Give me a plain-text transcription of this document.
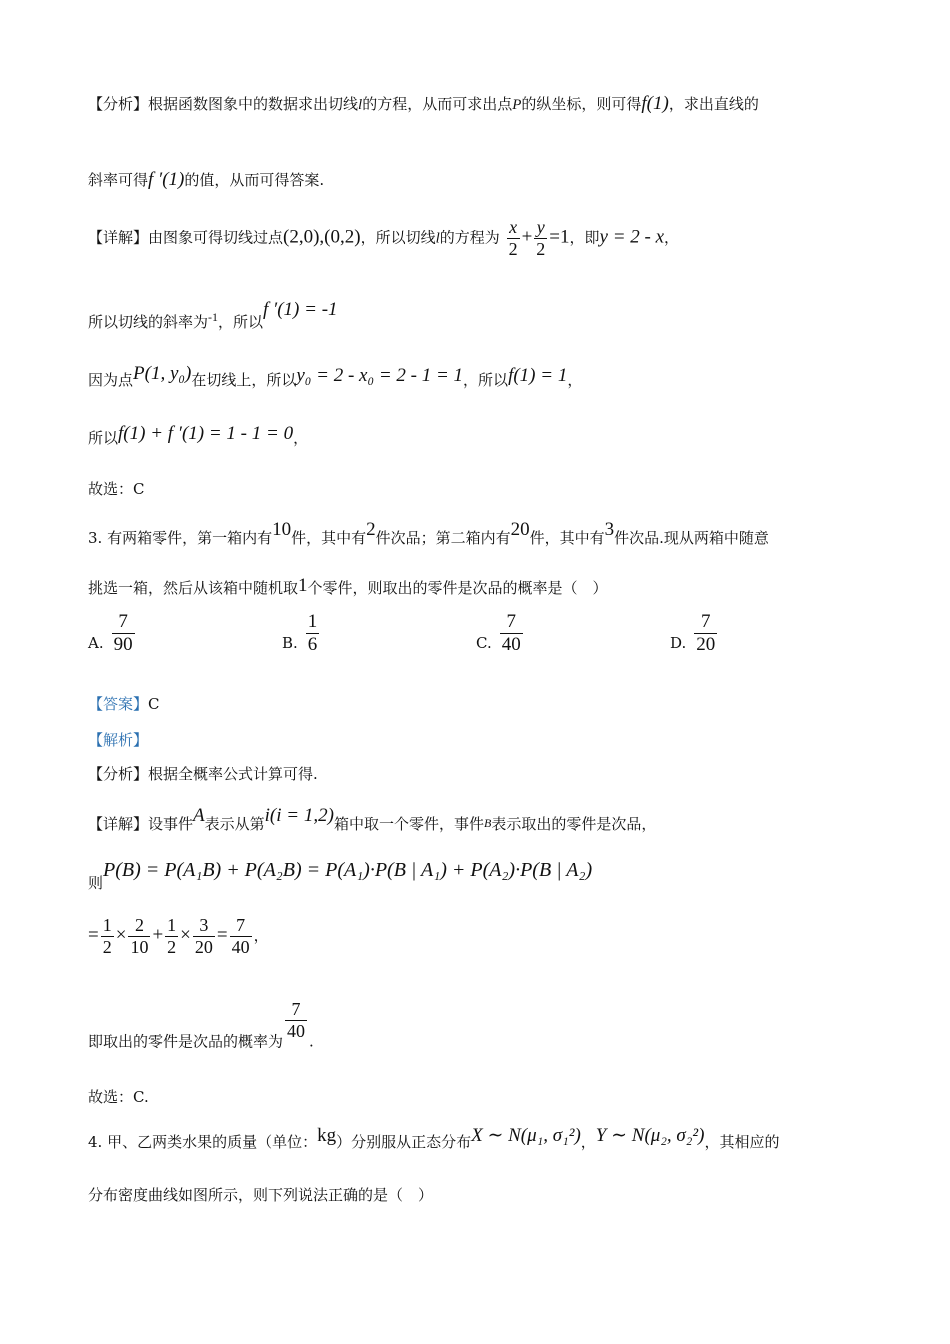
【分析】根据函数图象中的数据求出切线l的方程，从而可求出点P的纵坐标，则可得f(1)，求出直线的
斜率可得f ′(1)的值，从而可得答案.
【详解】由图象可得切线过点(2,0),(0,2)，所以切线l的方程为 $\frac{x}{2} + \frac{y}{2} =1$，即y = 2 - x，
所以切线的斜率为$^{-1}$，所以f ′(1) = -1
因为点P(1, y₀)在切线上，所以y₀ = 2 - x₀ = 2 - 1 = 1，所以f(1) = 1，
所以f(1) + f ′(1) = 1 - 1 = 0，
故选：C
3. 有两箱零件，第一箱内有10件，其中有2件次品；第二箱内有20件，其中有3件次品.现从两箱中随意
挑选一箱，然后从该箱中随机取1个零件，则取出的零件是次品的概率是（　）
A. $\frac{7}{90}$	B. $\frac{1}{6}$	C. $\frac{7}{40}$	D. $\frac{7}{20}$
【答案】C
【解析】
【分析】根据全概率公式计算可得.
【详解】设事件A表示从第i(i = 1,2)箱中取一个零件，事件$_B$表示取出的零件是次品，
则P(B) = P(A₁B) + P(A₂B) = P(A₁)·P(B | A₁) + P(A₂)·P(B | A₂)
= $\frac{1}{2} \times \frac{2}{10} + \frac{1}{2} \times \frac{3}{20} = \frac{7}{40}$ ，
即取出的零件是次品的概率为
$\frac{7}{40}$
.
故选：C.
4. 甲、乙两类水果的质量（单位：kg）分别服从正态分布X ∼ N(μ₁, σ₁²)，Y ∼ N(μ₂, σ₂²)，其相应的
分布密度曲线如图所示，则下列说法正确的是（　）
